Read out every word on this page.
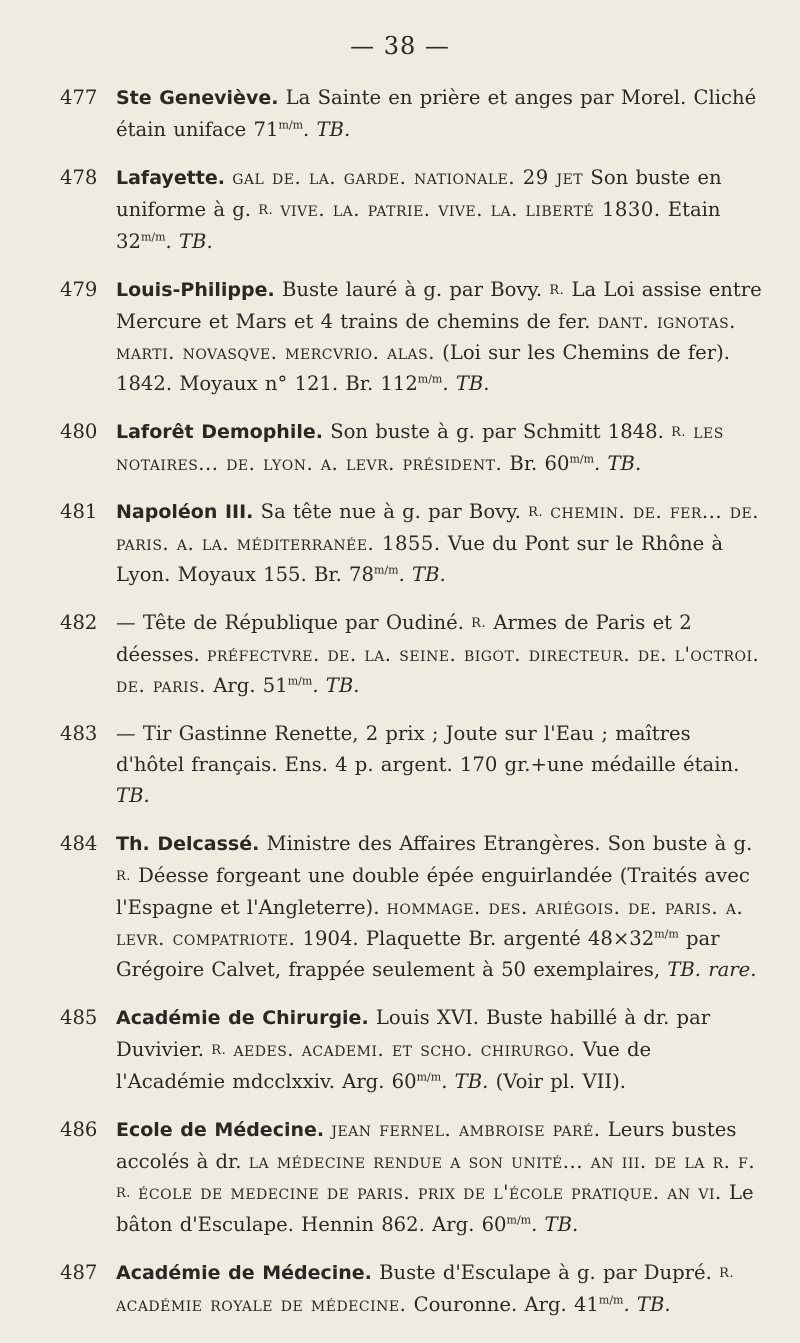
— 38 —
477 Ste Geneviève. La Sainte en prière et anges par Morel. Cliché étain uniface $71^{m/m}$. TB.
478 Lafayette. gal de. la. garde. nationale. 29 jet Son buste en uniforme à g. R. vive. la. patrie. vive. la. liberté 1830. Etain $32^{m/m}$. TB.
479 Louis-Philippe. Buste lauré à g. par Bovy. R. La Loi assise entre Mercure et Mars et 4 trains de chemins de fer. dant. ignotas. marti. novasqve. mercvrio. alas. (Loi sur les Chemins de fer). 1842. Moyaux n° 121. Br. $112^{m/m}$. TB.
480 Laforêt Demophile. Son buste à g. par Schmitt 1848. R. les notaires... de. lyon. a. levr. président. Br. $60^{m/m}$. TB.
481 Napoléon III. Sa tête nue à g. par Bovy. R. chemin. de. fer... de. paris. a. la. méditerranée. 1855. Vue du Pont sur le Rhône à Lyon. Moyaux 155. Br. $78^{m/m}$. TB.
482 — Tête de République par Oudiné. R. Armes de Paris et 2 déesses. préfectvre. de. la. seine. bigot. directeur. de. l'octroi. de. paris. Arg. $51^{m/m}$. TB.
483 — Tir Gastinne Renette, 2 prix ; Joute sur l'Eau ; maîtres d'hôtel français. Ens. 4 p. argent. 170 gr.+une médaille étain. TB.
484 Th. Delcassé. Ministre des Affaires Etrangères. Son buste à g. R. Déesse forgeant une double épée enguirlandée (Traités avec l'Espagne et l'Angleterre). hommage. des. ariégois. de. paris. a. levr. compatriote. 1904. Plaquette Br. argenté $48\times 32^{m/m}$ par Grégoire Calvet, frappée seulement à 50 exemplaires, TB. rare.
485 Académie de Chirurgie. Louis XVI. Buste habillé à dr. par Duvivier. R. aedes. academi. et scho. chirurgo. Vue de l'Académie mdcclxxiv. Arg. $60^{m/m}$. TB. (Voir pl. VII).
486 Ecole de Médecine. jean fernel. ambroise paré. Leurs bustes accolés à dr. la médecine rendue a son unité... an iii. de la r. f. R. école de medecine de paris. prix de l'école pratique. an vi. Le bâton d'Esculape. Hennin 862. Arg. $60^{m/m}$. TB.
487 Académie de Médecine. Buste d'Esculape à g. par Dupré. R. académie royale de médecine. Couronne. Arg. $41^{m/m}$. TB.
